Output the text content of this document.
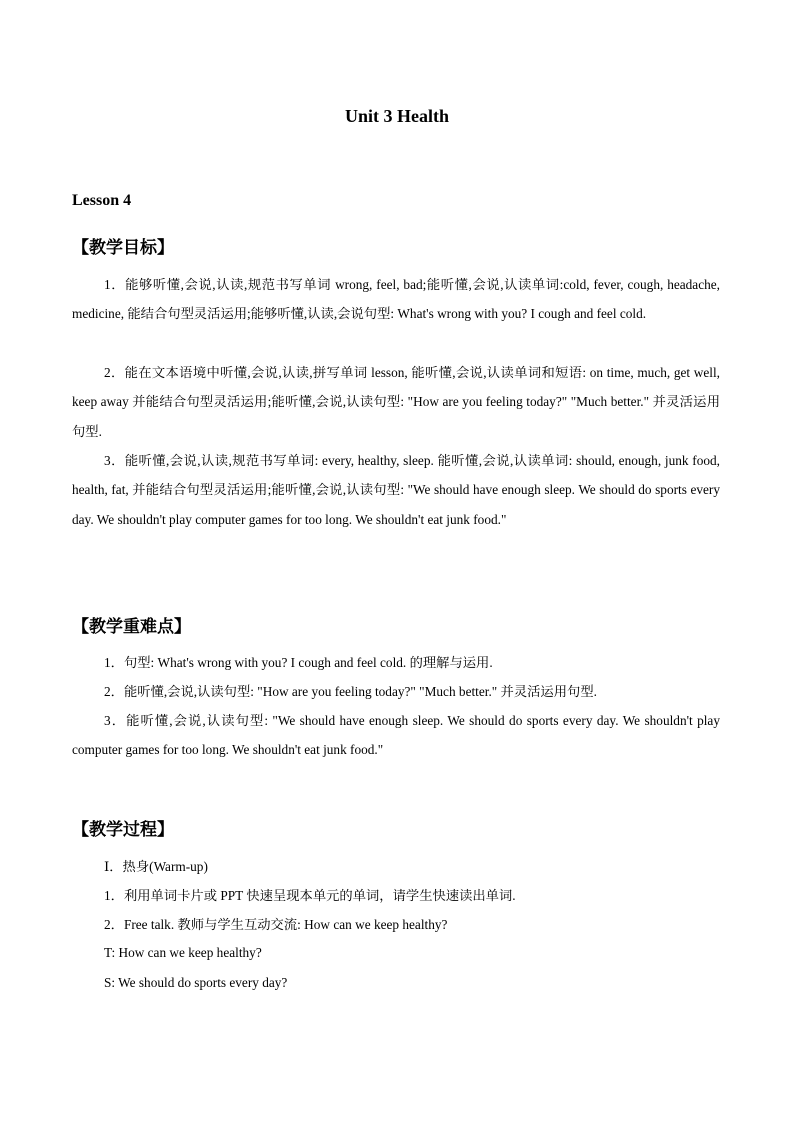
Unit 3 Health
Lesson 4
【教学目标】

1．能够听懂,会说,认读,规范书写单词 wrong, feel, bad;能听懂,会说,认读单词:cold, fever, cough, headache, medicine, 能结合句型灵活运用;能够听懂,认读,会说句型: What's wrong with you? I cough and feel cold.

2．能在文本语境中听懂,会说,认读,拼写单词 lesson, 能听懂,会说,认读单词和短语: on time, much, get well, keep away 并能结合句型灵活运用;能听懂,会说,认读句型: "How are you feeling today?" "Much better." 并灵活运用句型.

3．能听懂,会说,认读,规范书写单词: every, healthy, sleep. 能听懂,会说,认读单词: should, enough, junk food, health, fat, 并能结合句型灵活运用;能听懂,会说,认读句型: "We should have enough sleep. We should do sports every day. We shouldn't play computer games for too long. We shouldn't eat junk food."

【教学重难点】

1．句型: What's wrong with you? I cough and feel cold. 的理解与运用.

2．能听懂,会说,认读句型: "How are you feeling today?" "Much better." 并灵活运用句型.

3．能听懂,会说,认读句型: "We should have enough sleep. We should do sports every day. We shouldn't play computer games for too long. We shouldn't eat junk food."

【教学过程】

Ⅰ．热身(Warm-up)

1．利用单词卡片或 PPT 快速呈现本单元的单词，请学生快速读出单词.

2．Free talk. 教师与学生互动交流: How can we keep healthy?

T: How can we keep healthy?

S: We should do sports every day?
